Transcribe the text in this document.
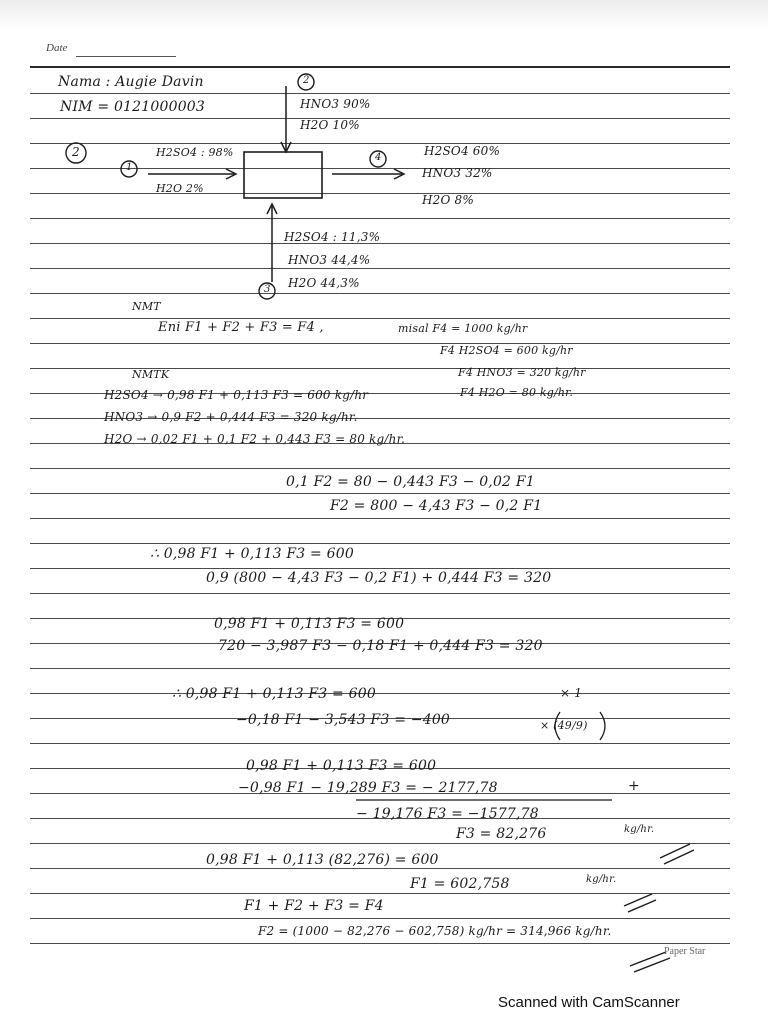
Date
Nama : Augie Davin
NIM = 0121000003
2
1
H2SO4 : 98%
H2O 2%
2
HNO3 90%
H2O 10%
3
H2SO4 : 11,3%
HNO3 44,4%
H2O 44,3%
4	H2SO4 60%
HNO3 32%
H2O 8%
NMT
Eni F1 + F2 + F3 = F4 ,	misal F4 = 1000 kg/hr
F4 H2SO4 = 600 kg/hr
F4 HNO3 = 320 kg/hr
NMTK
F4 H2O = 80 kg/hr.
H2SO4 → 0,98 F1 + 0,113 F3 = 600 kg/hr
HNO3 → 0,9 F2 + 0,444 F3 = 320 kg/hr.
H2O → 0,02 F1 + 0,1 F2 + 0,443 F3 = 80 kg/hr.
0,1 F2 = 80 − 0,443 F3 − 0,02 F1
F2 = 800 − 4,43 F3 − 0,2 F1
∴ 0,98 F1 + 0,113 F3 = 600
0,9 (800 − 4,43 F3 − 0,2 F1) + 0,444 F3 = 320
0,98 F1 + 0,113 F3 = 600
720 − 3,987 F3 − 0,18 F1 + 0,444 F3 = 320
∴ 0,98 F1 + 0,113 F3 = 600	× 1
−0,18 F1 − 3,543 F3 = −400	× (49/9)
0,98 F1 + 0,113 F3 = 600
−0,98 F1 − 19,289 F3 = − 2177,78	+
− 19,176 F3 = −1577,78
F3 = 82,276	kg/hr.
0,98 F1 + 0,113 (82,276) = 600
F1 = 602,758	kg/hr.
F1 + F2 + F3 = F4
F2 = (1000 − 82,276 − 602,758) kg/hr = 314,966 kg/hr.
Paper Star
Scanned with CamScanner
